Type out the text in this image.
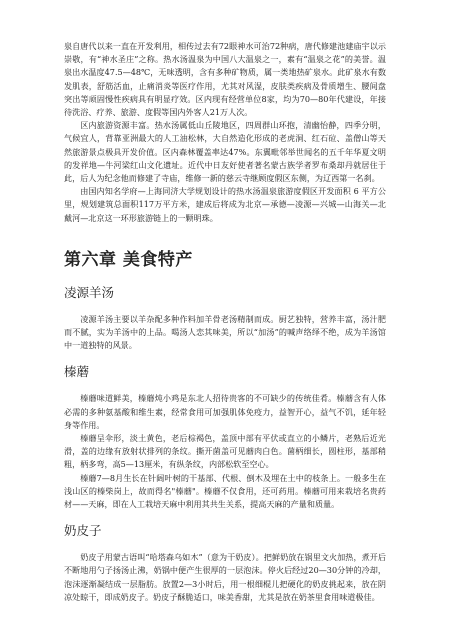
泉自唐代以来一直在开发利用，相传过去有72眼神水可治72种病，唐代修建池建庙宇以示崇敬，有“神水圣庄”之称。热水汤温泉为中国八大温泉之一，素有“温泉之花”的美誉。温泉出水温度47.5—48℃，无味透明，含有多种矿物质，属一类地热矿泉水。此矿泉水有数发肌表，舒筋活血，止痛消炎等医疗作用，尤其对风湿，皮肤类疾病及骨质增生、腰间盘突出等顽固慢性疾病具有明显疗效。区内现有经营单位8家，均为70—80年代建设，年接待洗浴、疗养、旅游、度假等国内外客人21万人次。

区内旅游资源丰富。热水汤属低山丘陵地区，四周群山环抱，清幽怡静，四季分明，气候宜人，背靠亚洲最大的人工油松林，大自然造化形成的老虎洞、红石砬、盖僧山等天然旅游景点极具开发价值。区内森林覆盖率达47%。东翼毗邻举世闻名的五千年华夏文明的发祥地—牛河梁红山文化遗址。近代中日友好使者著名蒙古族学者罗布桑却丹就居住于此，后人为纪念他而修建了寺庙，维修一新的慈云寺继顾度假区东侧，为辽西第一名刹。

由国内知名学府—上海同济大学规划设计的热水汤温泉旅游度假区开发面积 6 平方公里，规划建筑总面积117万平方米，建成后将成为北京—承德—凌源—兴城—山海关—北戴河—北京这一环形旅游链上的一颗明珠。

第六章 美食特产
凌源羊汤

凌源羊汤主要以羊杂配多种作料加羊骨老汤精制而成。厨艺独特，营养丰富，汤汁肥而不腻，实为羊汤中的上品。喝汤人恋其味美，所以“加汤”的喊声络绎不绝，成为羊汤馆中一道独特的风景。

榛蘑

榛蘑味道鲜美，榛蘑炖小鸡是东北人招待贵客的不可缺少的传统佳肴。榛蘑含有人体必需的多种氨基酸和维生素，经常食用可加强肌体免疫力，益智开心，益气不饥，延年轻身等作用。

榛蘑呈伞形，淡土黄色，老后棕褐色，盖顶中部有平伏或直立的小鳞片，老熟后近光滑，盖的边缘有放射状排列的条纹。撕开菌盖可见蘑肉白色。菌柄细长，圆柱形，基部稍粗，柄多弯，高5—13厘米，有纵条纹，内部松软至空心。

榛蘑7—8月生长在针阔叶树的干基部、代根、倒木及埋在土中的枝条上。一般多生在浅山区的榛柴岗上，故而得名"榛蘑"。榛蘑不仅食用，还可药用。榛蘑可用来栽培名贵药材——天麻，即在人工栽培天麻中利用其共生关系，提高天麻的产量和质量。

奶皮子

奶皮子用蒙古语叫“哈塔森乌如木”（意为干奶皮）。把鲜奶放在锅里文火加热，煮开后不断地用勺子扬汤止沸，奶锅中便产生很厚的一层泡沫。停火后经过20—30分钟的冷却，泡沫逐渐凝结成一层脂肪。放置2—3小时后，用一根细棍儿把硬化的奶皮挑起来，放在阴凉处晾干，即成奶皮子。奶皮子酥脆适口，味美香甜，尤其是放在奶茶里食用味道极佳。
